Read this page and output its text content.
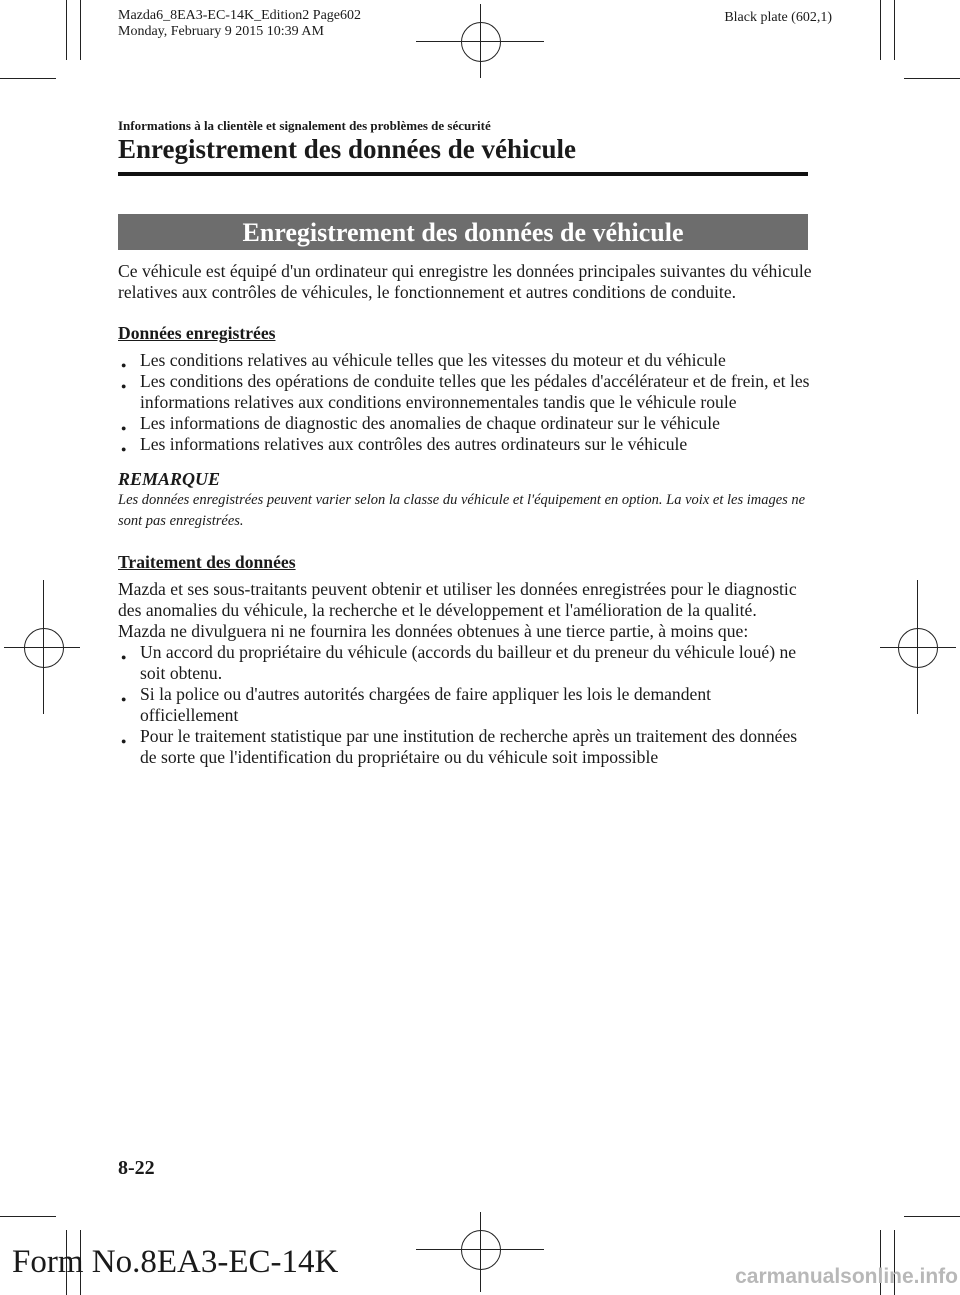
Mazda6_8EA3-EC-14K_Edition2 Page602
Monday, February 9 2015 10:39 AM
Black plate (602,1)
Informations à la clientèle et signalement des problèmes de sécurité
Enregistrement des données de véhicule
Enregistrement des données de véhicule

Ce véhicule est équipé d'un ordinateur qui enregistre les données principales suivantes du véhicule relatives aux contrôles de véhicules, le fonctionnement et autres conditions de conduite.

Données enregistrées

● Les conditions relatives au véhicule telles que les vitesses du moteur et du véhicule
● Les conditions des opérations de conduite telles que les pédales d'accélérateur et de frein, et les informations relatives aux conditions environnementales tandis que le véhicule roule
● Les informations de diagnostic des anomalies de chaque ordinateur sur le véhicule
● Les informations relatives aux contrôles des autres ordinateurs sur le véhicule

REMARQUE

Les données enregistrées peuvent varier selon la classe du véhicule et l'équipement en option. La voix et les images ne sont pas enregistrées.

Traitement des données

Mazda et ses sous-traitants peuvent obtenir et utiliser les données enregistrées pour le diagnostic des anomalies du véhicule, la recherche et le développement et l'amélioration de la qualité.

Mazda ne divulguera ni ne fournira les données obtenues à une tierce partie, à moins que:

● Un accord du propriétaire du véhicule (accords du bailleur et du preneur du véhicule loué) ne soit obtenu.
● Si la police ou d'autres autorités chargées de faire appliquer les lois le demandent officiellement
● Pour le traitement statistique par une institution de recherche après un traitement des données de sorte que l'identification du propriétaire ou du véhicule soit impossible
8-22
Form No.8EA3-EC-14K	carmanualsonline.info
